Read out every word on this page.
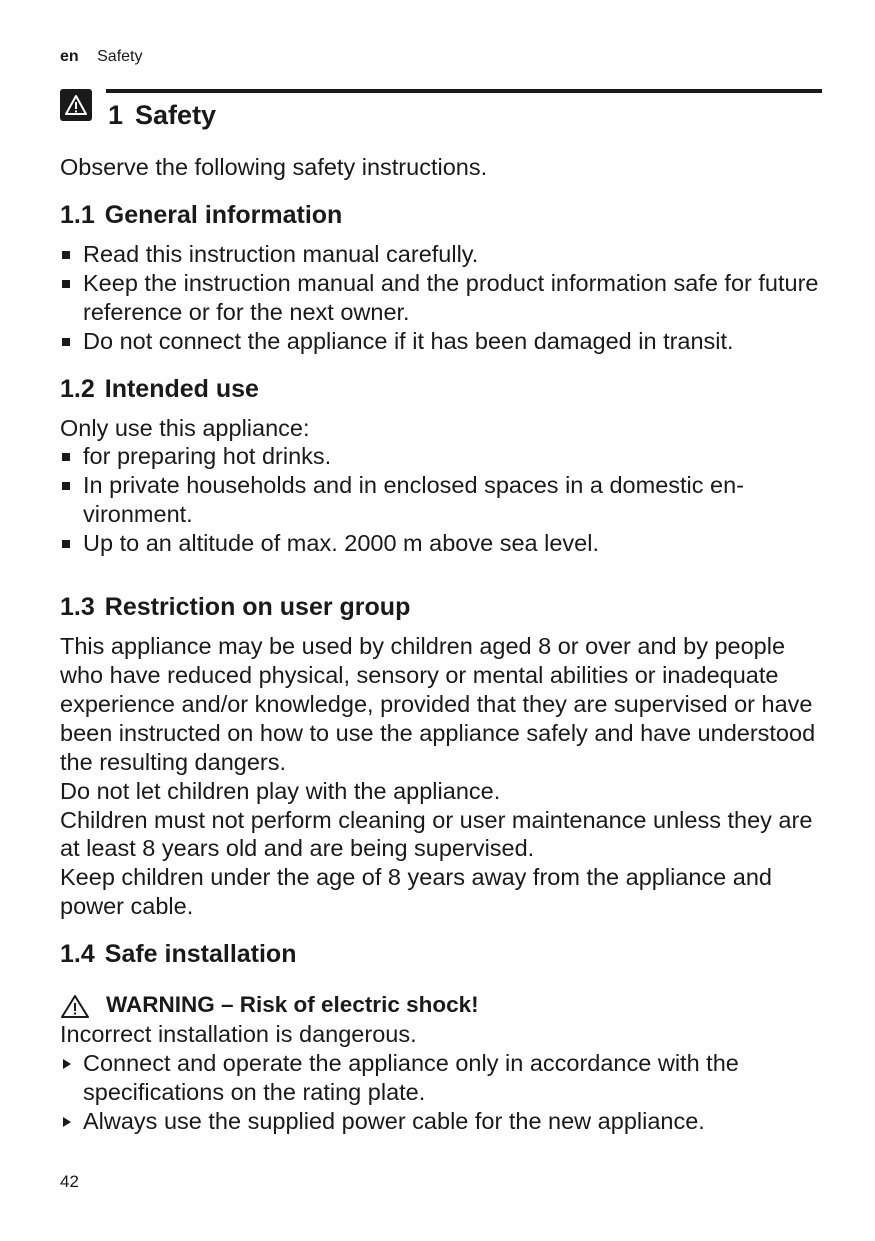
en Safety
1 Safety

Observe the following safety instructions.

1.1 General information
Read this instruction manual carefully.
Keep the instruction manual and the product information safe for future reference or for the next owner.
Do not connect the appliance if it has been damaged in transit.
1.2 Intended use

Only use this appliance:

for preparing hot drinks.
In private households and in enclosed spaces in a domestic en-vironment.
Up to an altitude of max. 2000 m above sea level.
1.3 Restriction on user group

This appliance may be used by children aged 8 or over and by people who have reduced physical, sensory or mental abilities or inadequate experience and/or knowledge, provided that they are supervised or have been instructed on how to use the appliance safely and have understood the resulting dangers.

Do not let children play with the appliance.

Children must not perform cleaning or user maintenance unless they are at least 8 years old and are being supervised.

Keep children under the age of 8 years away from the appliance and power cable.

1.4 Safe installation
WARNING – Risk of electric shock!

Incorrect installation is dangerous.

Connect and operate the appliance only in accordance with the specifications on the rating plate.
Always use the supplied power cable for the new appliance.
42
